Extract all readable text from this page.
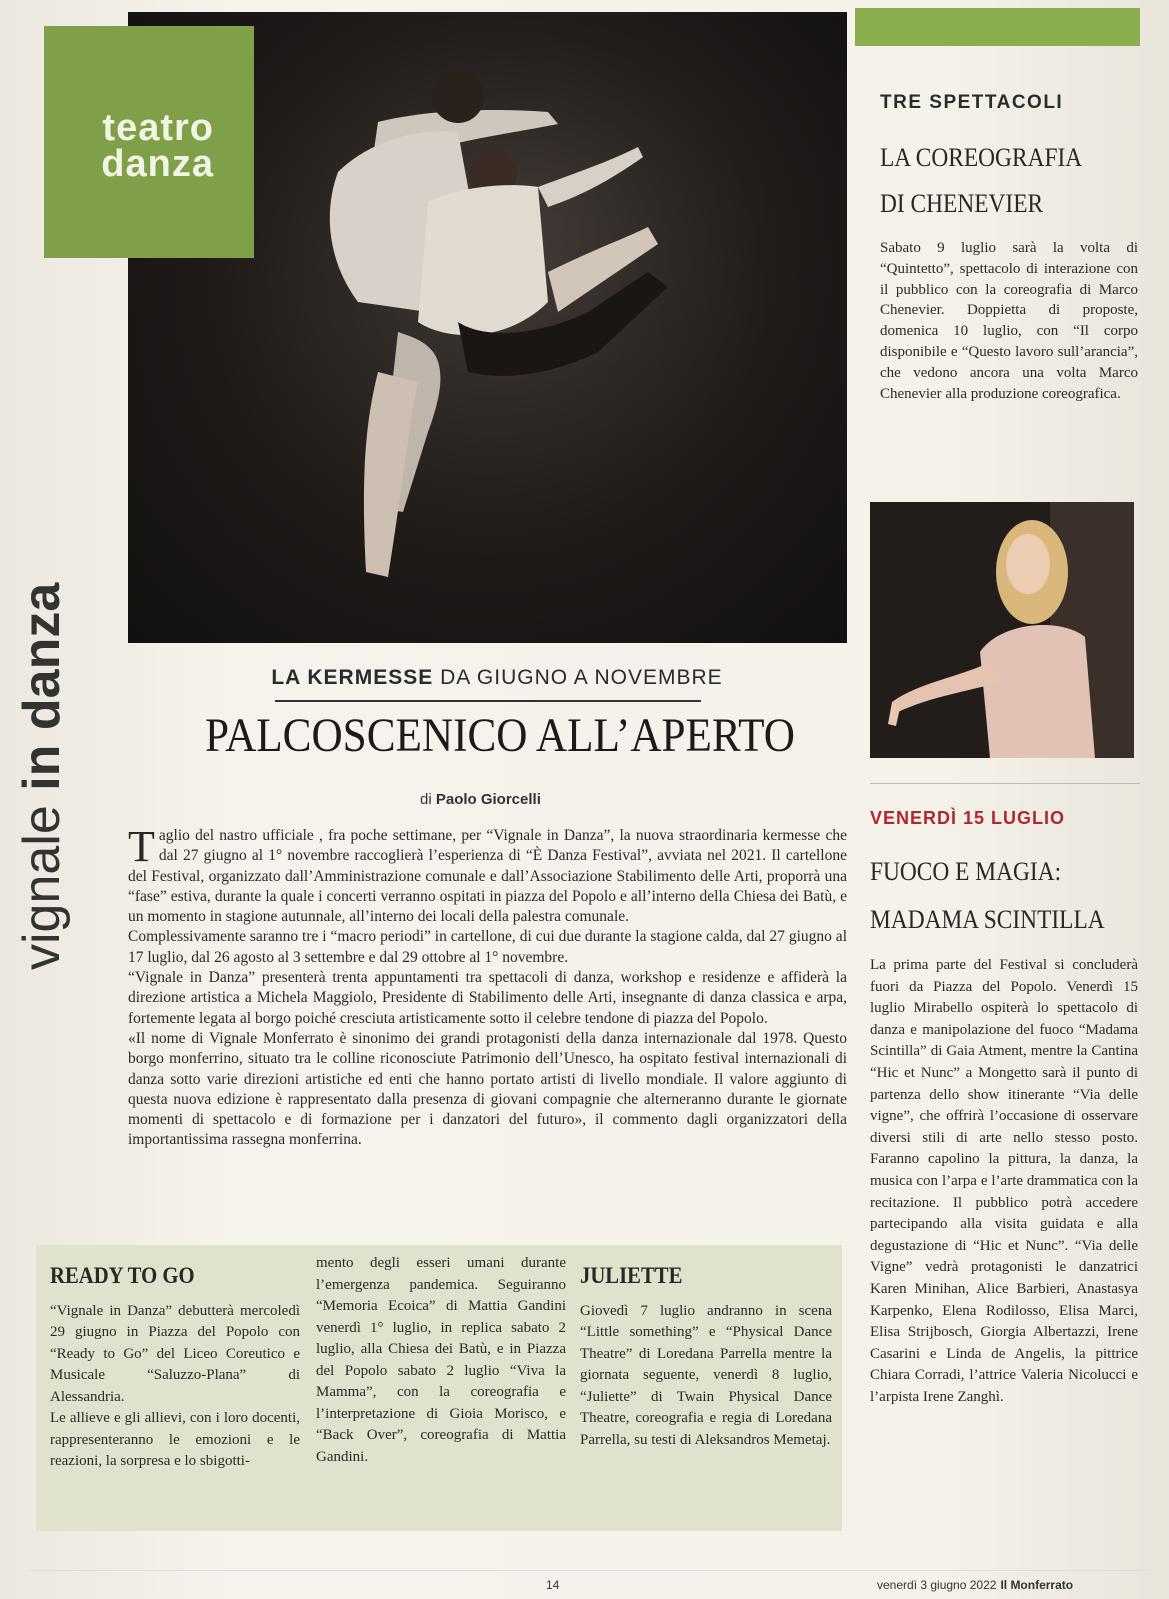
teatro
danza
vignale in danza	LA KERMESSE DA GIUGNO A NOVEMBRE
PALCOSCENICO ALL’APERTO
di Paolo Giorcelli

Taglio del nastro ufficiale , fra poche settimane, per “Vignale in Danza”, la nuova straordinaria kermesse che dal 27 giugno al 1° novembre raccoglierà l’esperienza di “È Danza Festival”, avviata nel 2021. Il cartellone del Festival, organizzato dall’Amministrazione comunale e dall’Associazione Stabilimento delle Arti, proporrà una “fase” estiva, durante la quale i concerti verranno ospitati in piazza del Popolo e all’interno della Chiesa dei Batù, e un momento in stagione autunnale, all’interno dei locali della palestra comunale.

Complessivamente saranno tre i “macro periodi” in cartellone, di cui due durante la stagione calda, dal 27 giugno al 17 luglio, dal 26 agosto al 3 settembre e dal 29 ottobre al 1° novembre.

“Vignale in Danza” presenterà trenta appuntamenti tra spettacoli di danza, workshop e residenze e affiderà la direzione artistica a Michela Maggiolo, Presidente di Stabilimento delle Arti, insegnante di danza classica e arpa, fortemente legata al borgo poiché cresciuta artisticamente sotto il celebre tendone di piazza del Popolo.

«Il nome di Vignale Monferrato è sinonimo dei grandi protagonisti della danza internazionale dal 1978. Questo borgo monferrino, situato tra le colline riconosciute Patrimonio dell’Unesco, ha ospitato festival internazionali di danza sotto varie direzioni artistiche ed enti che hanno portato artisti di livello mondiale. Il valore aggiunto di questa nuova edizione è rappresentato dalla presenza di giovani compagnie che alterneranno durante le giornate momenti di spettacolo e di formazione per i danzatori del futuro», il commento dagli organizzatori della importantissima rassegna monferrina.

READY TO GO

“Vignale in Danza” debutterà mercoledì 29 giugno in Piazza del Popolo con “Ready to Go” del Liceo Coreutico e Musicale “Saluzzo-Plana” di Alessandria.

Le allieve e gli allievi, con i loro docenti, rappresenteranno le emozioni e le reazioni, la sorpresa e lo sbigotti-

mento degli esseri umani durante l’emergenza pandemica. Seguiranno “Memoria Ecoica” di Mattia Gandini venerdì 1° luglio, in replica sabato 2 luglio, alla Chiesa dei Batù, e in Piazza del Popolo sabato 2 luglio “Viva la Mamma”, con la coreografia e l’interpretazione di Gioia Morisco, e “Back Over”, coreografia di Mattia Gandini.

JULIETTE

Giovedì 7 luglio andranno in scena “Little something” e “Physical Dance Theatre” di Loredana Parrella mentre la giornata seguente, venerdì 8 luglio, “Juliette” di Twain Physical Dance Theatre, coreografia e regia di Loredana Parrella, su testi di Aleksandros Memetaj.

TRE SPETTACOLI
LA COREOGRAFIA
DI CHENEVIER
Sabato 9 luglio sarà la volta di “Quintetto”, spettacolo di interazione con il pubblico con la coreografia di Marco Chenevier. Doppietta di proposte, domenica 10 luglio, con “Il corpo disponibile e “Questo lavoro sull’arancia”, che vedono ancora una volta Marco Chenevier alla produzione coreografica.
VENERDÌ 15 LUGLIO
FUOCO E MAGIA:
MADAMA SCINTILLA
La prima parte del Festival si concluderà fuori da Piazza del Popolo. Venerdì 15 luglio Mirabello ospiterà lo spettacolo di danza e manipolazione del fuoco “Madama Scintilla” di Gaia Atment, mentre la Cantina “Hic et Nunc” a Mongetto sarà il punto di partenza dello show itinerante “Via delle vigne”, che offrirà l’occasione di osservare diversi stili di arte nello stesso posto. Faranno capolino la pittura, la danza, la musica con l’arpa e l’arte drammatica con la recitazione. Il pubblico potrà accedere partecipando alla visita guidata e alla degustazione di “Hic et Nunc”. “Via delle Vigne” vedrà protagonisti le danzatrici Karen Minihan, Alice Barbieri, Anastasya Karpenko, Elena Rodilosso, Elisa Marci, Elisa Strijbosch, Giorgia Albertazzi, Irene Casarini e Linda de Angelis, la pittrice Chiara Corradi, l’attrice Valeria Nicolucci e l’arpista Irene Zanghì.
14	venerdì 3 giugno 2022 Il Monferrato
